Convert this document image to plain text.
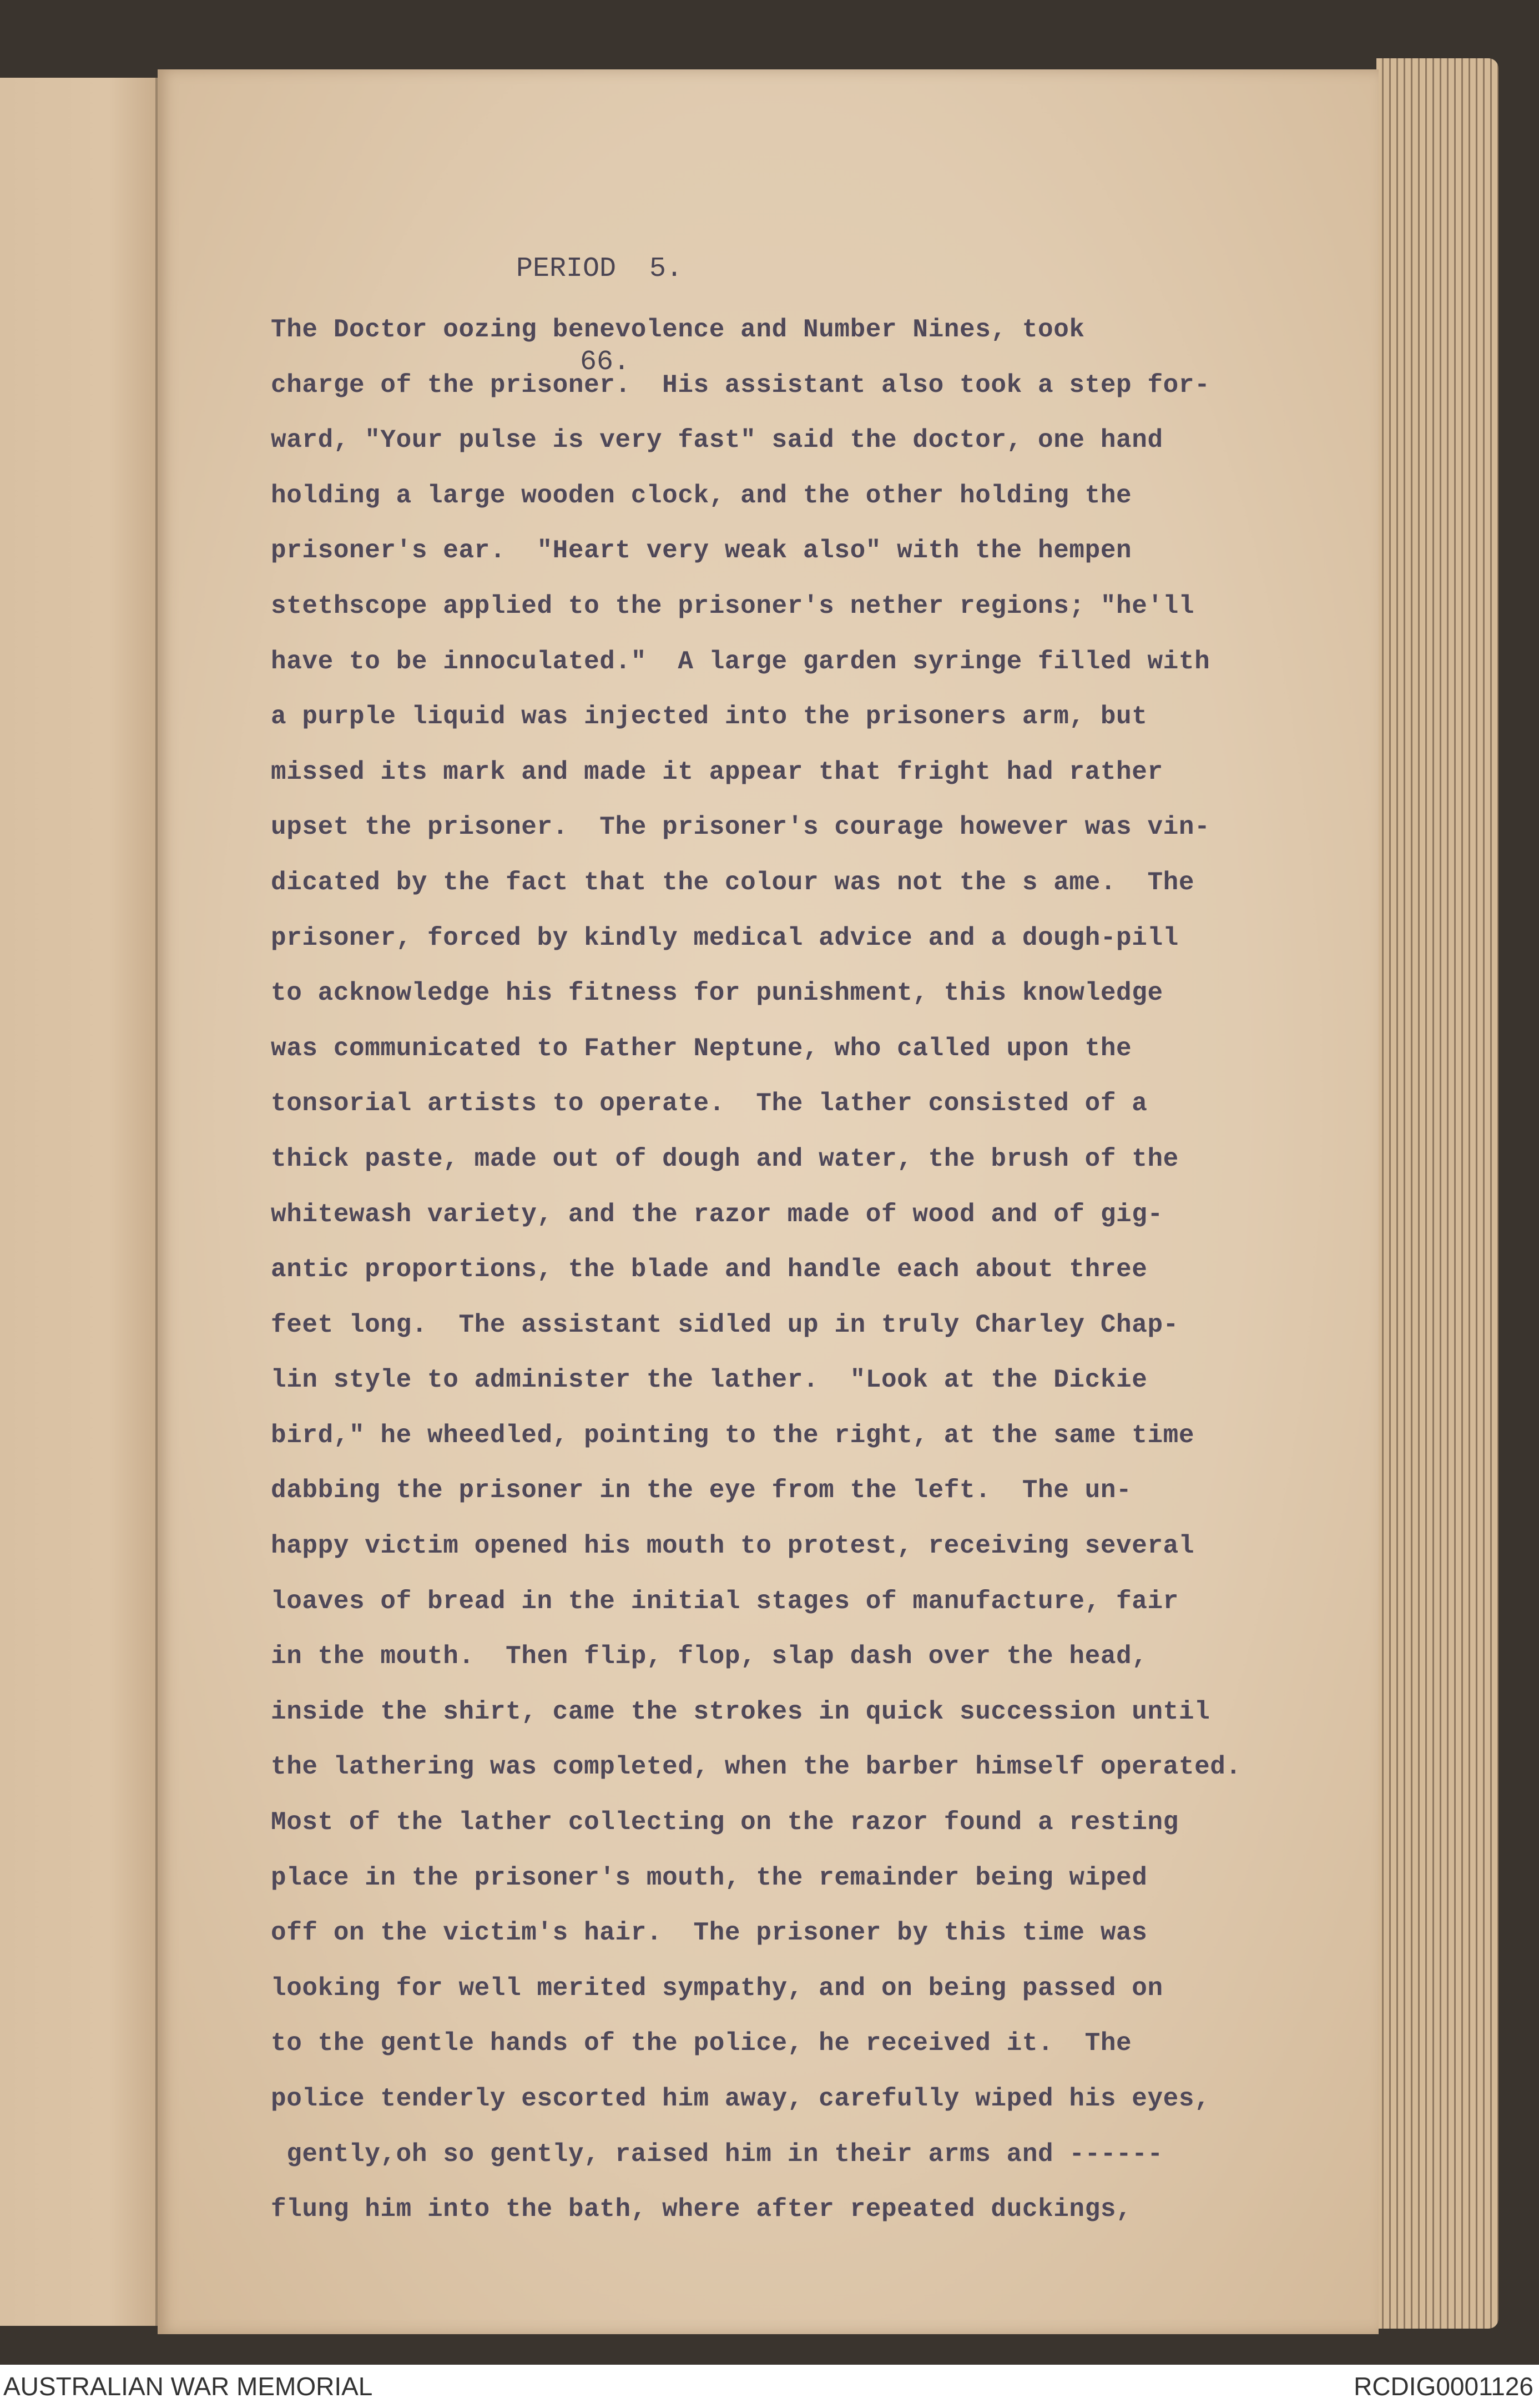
PERIOD  5.

66.

The Doctor oozing benevolence and Number Nines, took
charge of the prisoner.  His assistant also took a step for-
ward, "Your pulse is very fast" said the doctor, one hand
holding a large wooden clock, and the other holding the
prisoner's ear.  "Heart very weak also" with the hempen
stethscope applied to the prisoner's nether regions; "he'll
have to be innoculated."  A large garden syringe filled with
a purple liquid was injected into the prisoners arm, but
missed its mark and made it appear that fright had rather
upset the prisoner.  The prisoner's courage however was vin-
dicated by the fact that the colour was not the s ame.  The
prisoner, forced by kindly medical advice and a dough-pill
to acknowledge his fitness for punishment, this knowledge
was communicated to Father Neptune, who called upon the
tonsorial artists to operate.  The lather consisted of a
thick paste, made out of dough and water, the brush of the
whitewash variety, and the razor made of wood and of gig-
antic proportions, the blade and handle each about three
feet long.  The assistant sidled up in truly Charley Chap-
lin style to administer the lather.  "Look at the Dickie
bird," he wheedled, pointing to the right, at the same time
dabbing the prisoner in the eye from the left.  The un-
happy victim opened his mouth to protest, receiving several
loaves of bread in the initial stages of manufacture, fair
in the mouth.  Then flip, flop, slap dash over the head,
inside the shirt, came the strokes in quick succession until
the lathering was completed, when the barber himself operated.
Most of the lather collecting on the razor found a resting
place in the prisoner's mouth, the remainder being wiped
off on the victim's hair.  The prisoner by this time was
looking for well merited sympathy, and on being passed on
to the gentle hands of the police, he received it.  The
police tenderly escorted him away, carefully wiped his eyes,
gently,oh so gently, raised him in their arms and ------
flung him into the bath, where after repeated duckings,
AUSTRALIAN WAR MEMORIAL	RCDIG0001126
